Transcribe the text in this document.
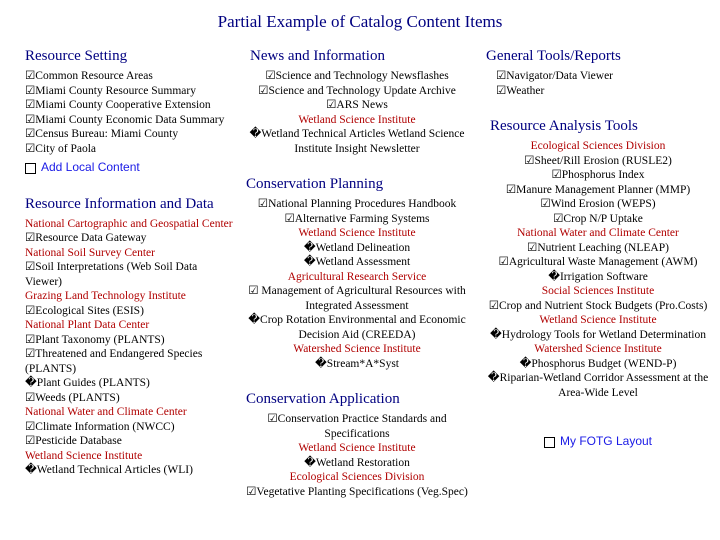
Partial Example of Catalog Content Items
Resource Setting
☑Common Resource Areas
☑Miami County Resource Summary
☑Miami County Cooperative Extension
☑Miami County Economic Data Summary
☑Census Bureau: Miami County
☑City of Paola
Add Local Content
Resource Information and Data
National Cartographic and Geospatial Center
☑Resource Data Gateway
National Soil Survey Center
☑Soil Interpretations (Web Soil Data Viewer)
Grazing Land Technology Institute
☑Ecological Sites (ESIS)
National Plant Data Center
☑Plant Taxonomy (PLANTS)
☑Threatened and Endangered Species (PLANTS)
�Plant Guides (PLANTS)
☑Weeds (PLANTS)
National Water and Climate Center
☑Climate Information (NWCC)
☑Pesticide Database
Wetland Science Institute
�Wetland Technical Articles (WLI)
News and Information
☑Science and Technology Newsflashes
☑Science and Technology Update Archive
☑ARS News
Wetland Science Institute
�Wetland Technical Articles Wetland Science Institute Insight Newsletter
Conservation Planning
☑National Planning Procedures Handbook
☑Alternative Farming Systems
Wetland Science Institute
�Wetland Delineation
�Wetland Assessment
Agricultural Research Service
☑ Management of Agricultural Resources with Integrated Assessment
�Crop Rotation Environmental and Economic Decision Aid (CREEDA)
Watershed Science Institute
�Stream*A*Syst
Conservation Application
☑Conservation Practice Standards and Specifications
Wetland Science Institute
�Wetland Restoration
Ecological Sciences Division
☑Vegetative Planting Specifications (Veg.Spec)
General Tools/Reports
☑Navigator/Data Viewer
☑Weather
Resource Analysis Tools
Ecological Sciences Division
☑Sheet/Rill Erosion (RUSLE2)
☑Phosphorus Index
☑Manure Management Planner (MMP)
☑Wind Erosion (WEPS)
☑Crop N/P Uptake
National Water and Climate Center
☑Nutrient Leaching (NLEAP)
☑Agricultural Waste Management (AWM)
�Irrigation Software
Social Sciences Institute
☑Crop and Nutrient Stock Budgets (Pro.Costs)
Wetland Science Institute
�Hydrology Tools for Wetland Determination
Watershed Science Institute
�Phosphorus Budget (WEND-P)
�Riparian-Wetland Corridor Assessment at the Area-Wide Level
My FOTG Layout
